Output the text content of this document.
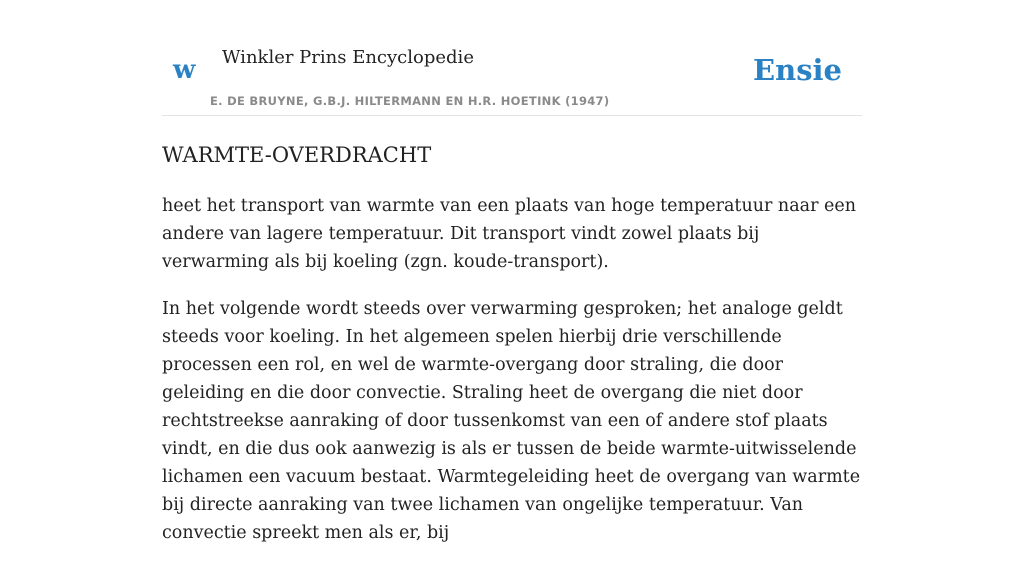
w Winkler Prins Encyclopedie
E. DE BRUYNE, G.B.J. HILTERMANN EN H.R. HOETINK (1947)
Ensie
WARMTE-OVERDRACHT

heet het transport van warmte van een plaats van hoge temperatuur naar een andere van lagere temperatuur. Dit transport vindt zowel plaats bij verwarming als bij koeling (zgn. koude-transport).

In het volgende wordt steeds over verwarming gesproken; het analoge geldt steeds voor koeling. In het algemeen spelen hierbij drie verschillende processen een rol, en wel de warmte-overgang door straling, die door geleiding en die door convectie. Straling heet de overgang die niet door rechtstreekse aanraking of door tussenkomst van een of andere stof plaats vindt, en die dus ook aanwezig is als er tussen de beide warmte-uitwisselende lichamen een vacuum bestaat. Warmtegeleiding heet de overgang van warmte bij directe aanraking van twee lichamen van ongelijke temperatuur. Van convectie spreekt men als er, bij
